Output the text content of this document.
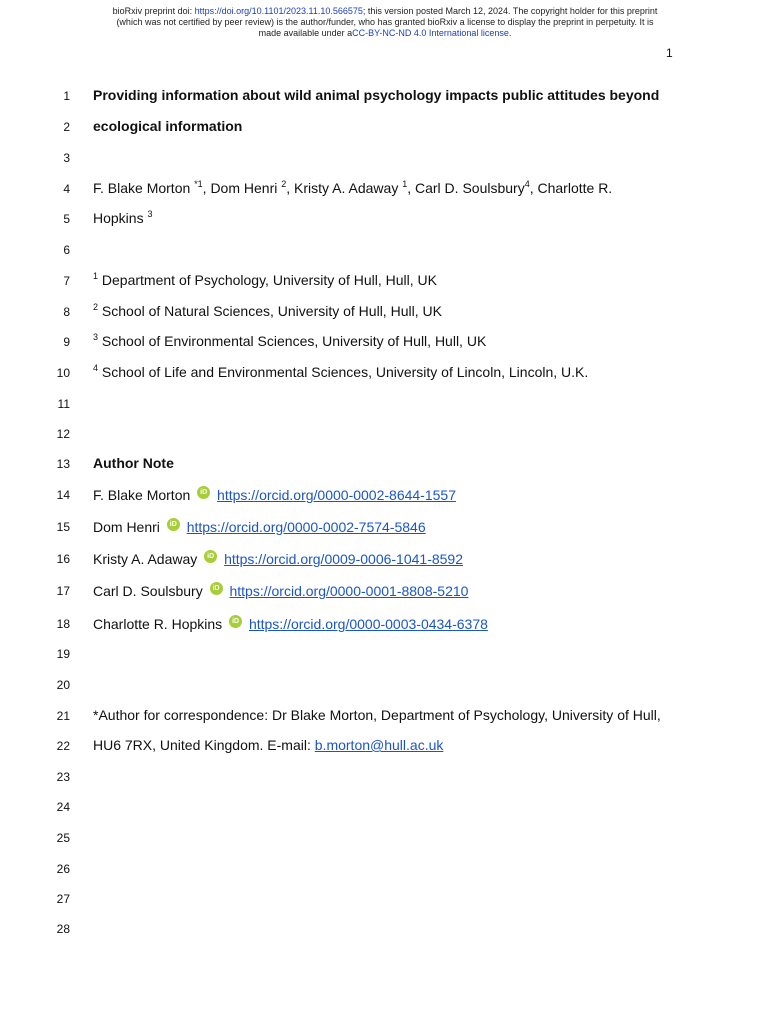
bioRxiv preprint doi: https://doi.org/10.1101/2023.11.10.566575; this version posted March 12, 2024. The copyright holder for this preprint
(which was not certified by peer review) is the author/funder, who has granted bioRxiv a license to display the preprint in perpetuity. It is
made available under aCC-BY-NC-ND 4.0 International license.
1
1 Providing information about wild animal psychology impacts public attitudes beyond
2 ecological information
3
4 F. Blake Morton $^{*1}$, Dom Henri $^2$, Kristy A. Adaway $^1$, Carl D. Soulsbury$^4$, Charlotte R.
5 Hopkins $^3$
6
7	$^1$ Department of Psychology, University of Hull, Hull, UK
8	$^2$ School of Natural Sciences, University of Hull, Hull, UK
9	$^3$ School of Environmental Sciences, University of Hull, Hull, UK
10	$^4$ School of Life and Environmental Sciences, University of Lincoln, Lincoln, U.K.
11
12
13 Author Note
14 F. Blake Morton iD https://orcid.org/0000-0002-8644-1557
15 Dom Henri iD https://orcid.org/0000-0002-7574-5846
16 Kristy A. Adaway iD https://orcid.org/0009-0006-1041-8592
17 Carl D. Soulsbury iD https://orcid.org/0000-0001-8808-5210
18 Charlotte R. Hopkins iD https://orcid.org/0000-0003-0434-6378
19
20
21 *Author for correspondence: Dr Blake Morton, Department of Psychology, University of Hull,
22 HU6 7RX, United Kingdom. E-mail: b.morton@hull.ac.uk
23
24
25
26
27
28
